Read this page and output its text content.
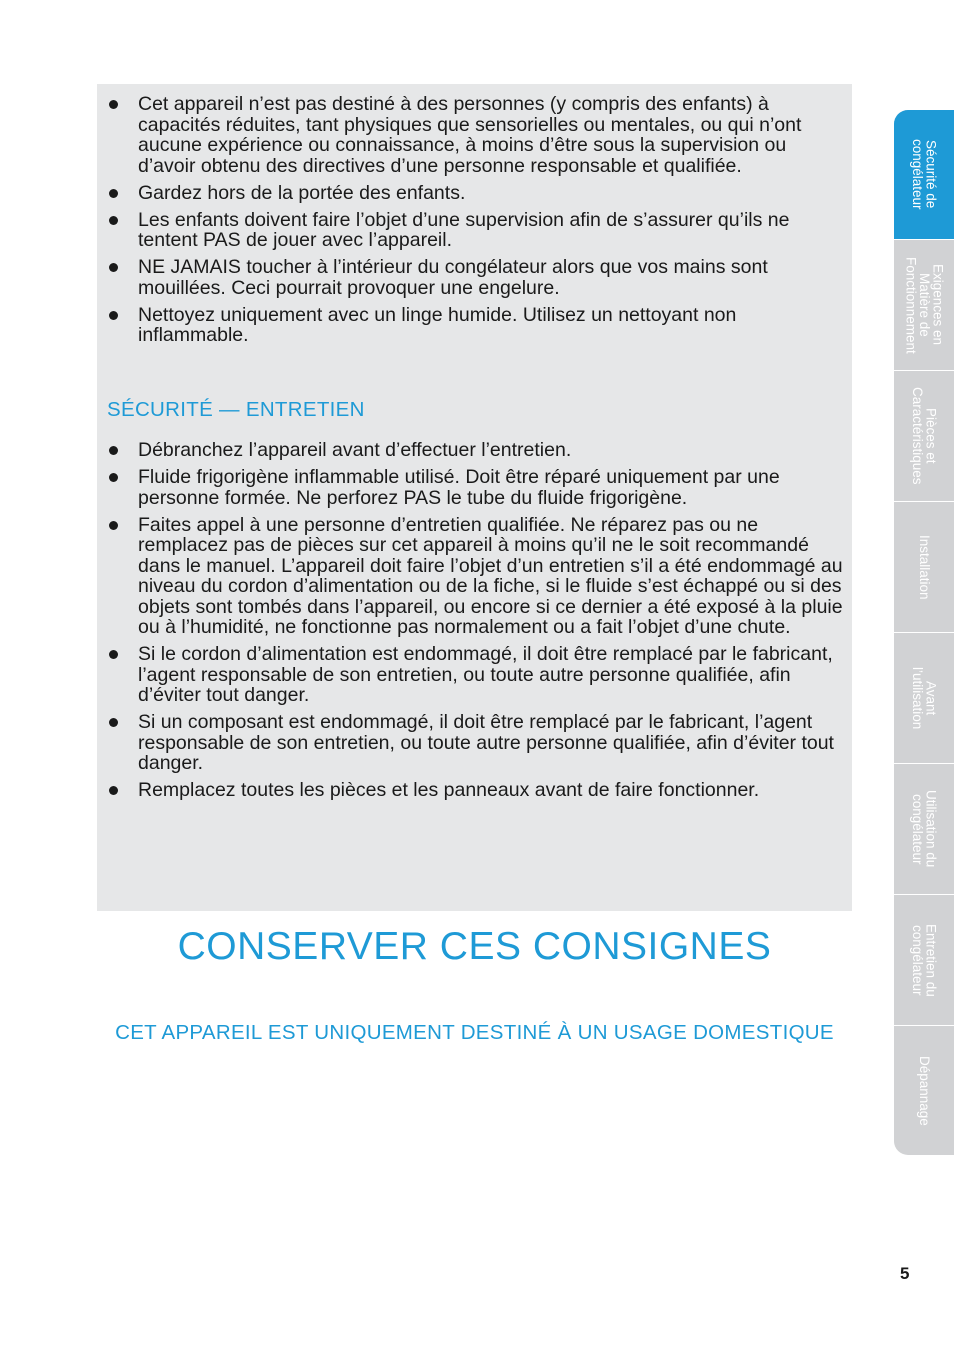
Cet appareil n’est pas destiné à des personnes (y compris des enfants) à capacités réduites, tant physiques que sensorielles ou mentales, ou qui n’ont aucune expérience ou connaissance, à moins d’être sous la supervision ou d’avoir obtenu des directives d’une personne responsable et qualifiée.
Gardez hors de la portée des enfants.
Les enfants doivent faire l’objet d’une supervision afin de s’assurer qu’ils ne tentent PAS de jouer avec l’appareil.
NE JAMAIS toucher à l’intérieur du congélateur alors que vos mains sont mouillées. Ceci pourrait provoquer une engelure.
Nettoyez uniquement avec un linge humide. Utilisez un nettoyant non inflammable.
SÉCURITÉ — ENTRETIEN
Débranchez l’appareil avant d’effectuer l’entretien.
Fluide frigorigène inflammable utilisé. Doit être réparé uniquement par une personne formée. Ne perforez PAS le tube du fluide frigorigène.
Faites appel à une personne d’entretien qualifiée. Ne réparez pas ou ne remplacez pas de pièces sur cet appareil à moins qu’il ne le soit recommandé dans le manuel. L’appareil doit faire l’objet d’un entretien s’il a été endommagé au niveau du cordon d’alimentation ou de la fiche, si le fluide s’est échappé ou si des objets sont tombés dans l’appareil, ou encore si ce dernier a été exposé à la pluie ou à l’humidité, ne fonctionne pas normalement ou a fait l’objet d’une chute.
Si le cordon d’alimentation est endommagé, il doit être remplacé par le fabricant, l’agent responsable de son entretien, ou toute autre personne qualifiée, afin d’éviter tout danger.
Si un composant est endommagé, il doit être remplacé par le fabricant, l’agent responsable de son entretien, ou toute autre personne qualifiée, afin d’éviter tout danger.
Remplacez toutes les pièces et les panneaux avant de faire fonctionner.
CONSERVER CES CONSIGNES
CET APPAREIL EST UNIQUEMENT DESTINÉ À UN USAGE DOMESTIQUE
Sécurité de
congélateur
Exigences en
Matière de
Fonctionnement
Pièces et
Caractéristiques
Installation
Avant
l’utilisation
Utilisation du
congélateur
Entretien du
congélateur
Dépannage
5
